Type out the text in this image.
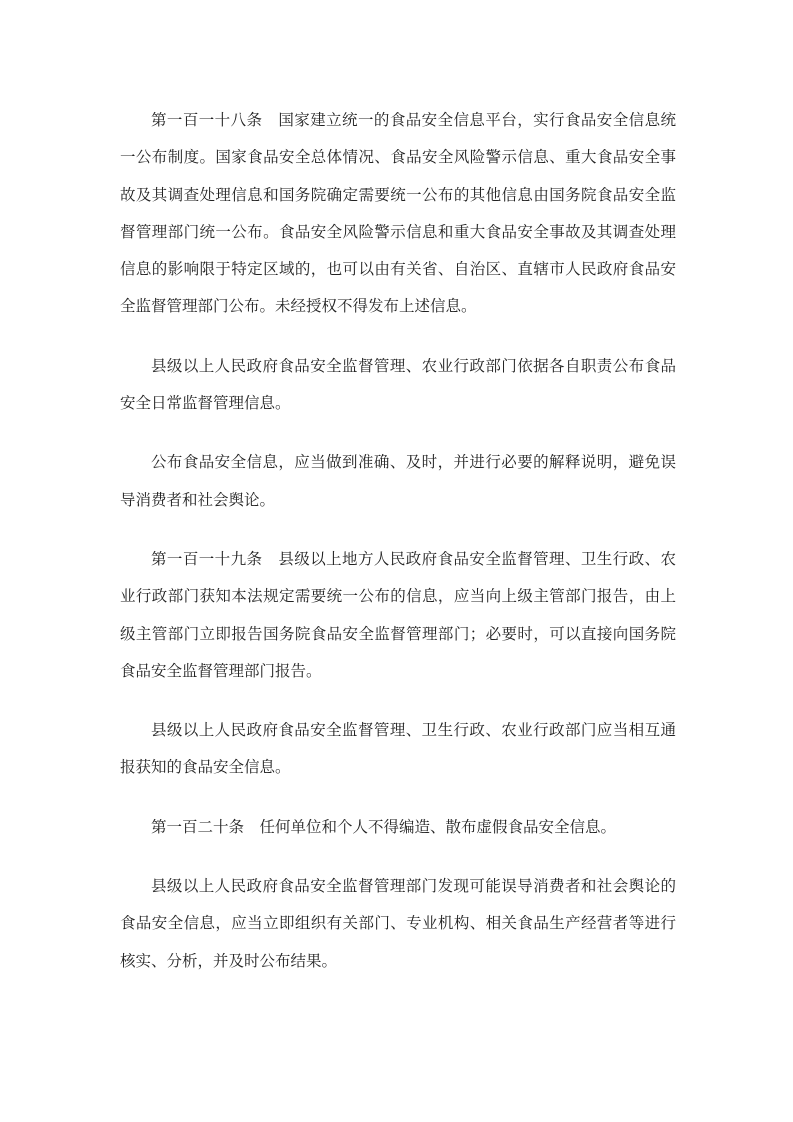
第一百一十八条　国家建立统一的食品安全信息平台，实行食品安全信息统一公布制度。国家食品安全总体情况、食品安全风险警示信息、重大食品安全事故及其调查处理信息和国务院确定需要统一公布的其他信息由国务院食品安全监督管理部门统一公布。食品安全风险警示信息和重大食品安全事故及其调查处理信息的影响限于特定区域的，也可以由有关省、自治区、直辖市人民政府食品安全监督管理部门公布。未经授权不得发布上述信息。

县级以上人民政府食品安全监督管理、农业行政部门依据各自职责公布食品安全日常监督管理信息。

公布食品安全信息，应当做到准确、及时，并进行必要的解释说明，避免误导消费者和社会舆论。

第一百一十九条　县级以上地方人民政府食品安全监督管理、卫生行政、农业行政部门获知本法规定需要统一公布的信息，应当向上级主管部门报告，由上级主管部门立即报告国务院食品安全监督管理部门；必要时，可以直接向国务院食品安全监督管理部门报告。

县级以上人民政府食品安全监督管理、卫生行政、农业行政部门应当相互通报获知的食品安全信息。

第一百二十条　任何单位和个人不得编造、散布虚假食品安全信息。

县级以上人民政府食品安全监督管理部门发现可能误导消费者和社会舆论的食品安全信息，应当立即组织有关部门、专业机构、相关食品生产经营者等进行核实、分析，并及时公布结果。
